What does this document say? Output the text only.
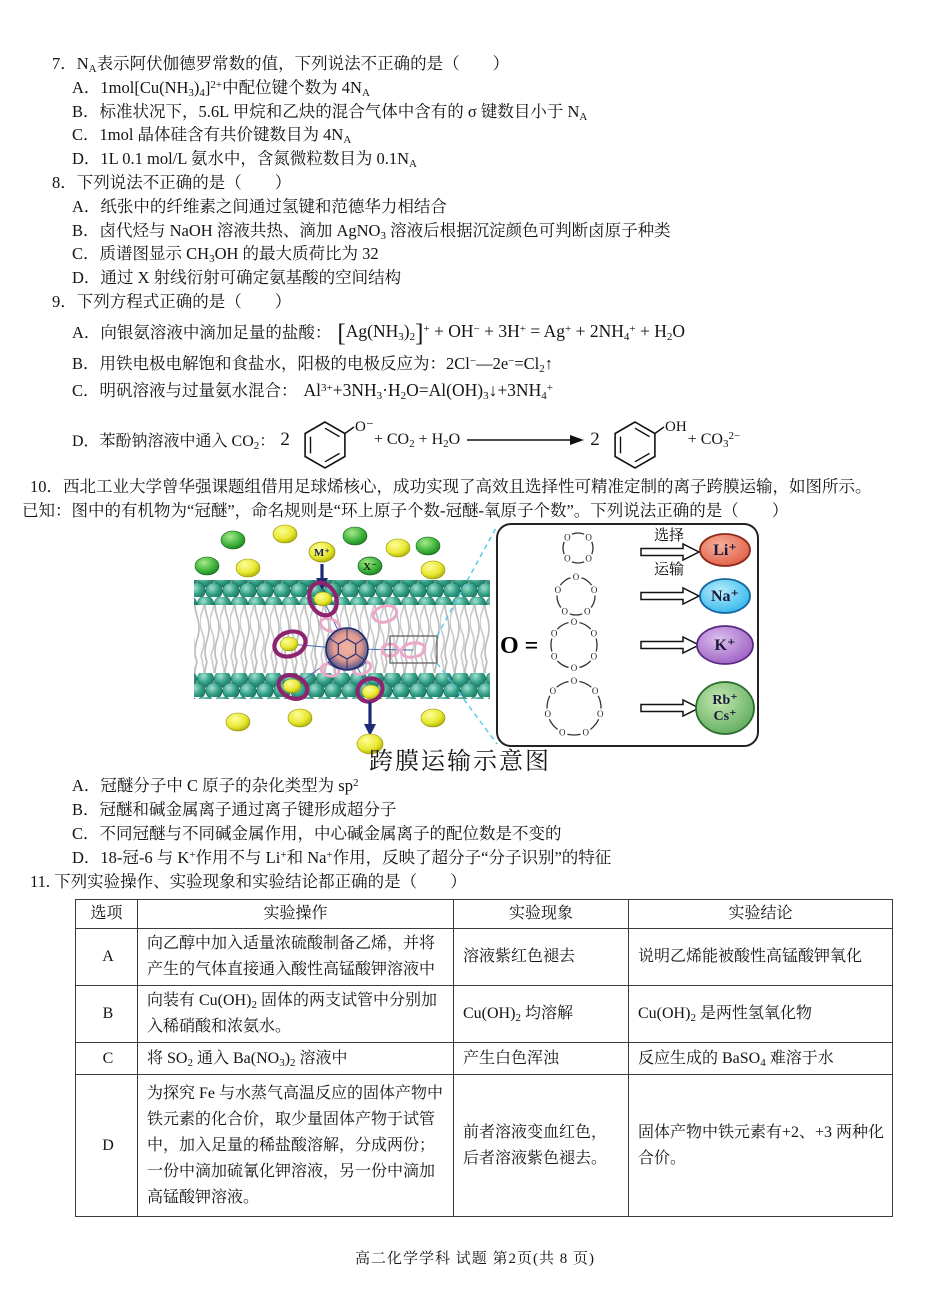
7．$N_A$表示阿伏伽德罗常数的值，下列说法不正确的是（　　）
A．$1mol[Cu(NH_3)_4]^{2+}$中配位键个数为 $4N_A$
B．标准状况下，5.6L 甲烷和乙炔的混合气体中含有的 σ 键数目小于 $N_A$
C．1mol 晶体硅含有共价键数目为 $4N_A$
D．1L 0.1 mol/L 氨水中，含氮微粒数目为 $0.1N_A$
8．下列说法不正确的是（　　）
A．纸张中的纤维素之间通过氢键和范德华力相结合
B．卤代烃与 NaOH 溶液共热、滴加 AgNO$_3$ 溶液后根据沉淀颜色可判断卤原子种类
C．质谱图显示 $CH_3OH$ 的最大质荷比为 32
D．通过 X 射线衍射可确定氨基酸的空间结构
9．下列方程式正确的是（　　）
A．向银氨溶液中滴加足量的盐酸： $[Ag(NH_3)_2]^+ + OH^- + 3H^+ = Ag^+ + 2NH_4^+ + H_2O$
B．用铁电极电解饱和食盐水，阳极的电极反应为：$2Cl^-—2e^-=Cl_2↑$
C．明矾溶液与过量氨水混合： $Al^{3+}+3NH_3\cdot H_2O=Al(OH)_3↓+3NH_4^+$
D．苯酚钠溶液中通入 $CO_2$： 2
O⁻
+ $CO_2 + H_2O$	2
OH
+ $CO_3^{2-}$
10．西北工业大学曾华强课题组借用足球烯核心，成功实现了高效且选择性可精准定制的离子跨膜运输，如图所示。
已知：图中的有机物为“冠醚”，命名规则是“环上原子个数-冠醚-氧原子个数”。下列说法正确的是（　　）
M⁺
X⁻
O =
O
O
O O
O
O
O O
O
O
O
O
O
O
O
O
O
O
O O
O
O
选择
运输
Li⁺
Na⁺
K⁺
Rb⁺
Cs⁺
跨膜运输示意图
A．冠醚分子中 C 原子的杂化类型为 $sp^2$
B．冠醚和碱金属离子通过离子键形成超分子
C．不同冠醚与不同碱金属作用，中心碱金属离子的配位数是不变的
D．18-冠-6 与 K+作用不与 Li+和 Na+作用，反映了超分子“分子识别”的特征
11. 下列实验操作、实验现象和实验结论都正确的是（　　）
选项	实验操作	实验现象	实验结论
A	向乙醇中加入适量浓硫酸制备乙烯，并将产生的气体直接通入酸性高锰酸钾溶液中	溶液紫红色褪去	说明乙烯能被酸性高锰酸钾氧化
B	向装有 $Cu(OH)_2$ 固体的两支试管中分别加入稀硝酸和浓氨水。	$Cu(OH)_2$ 均溶解	$Cu(OH)_2$ 是两性氢氧化物
C	将 $SO_2$ 通入 $Ba(NO_3)_2$ 溶液中	产生白色浑浊	反应生成的 BaSO$_4$ 难溶于水
D	为探究 Fe 与水蒸气高温反应的固体产物中铁元素的化合价，取少量固体产物于试管中，加入足量的稀盐酸溶解，分成两份；一份中滴加硫氰化钾溶液，另一份中滴加高锰酸钾溶液。	前者溶液变血红色，后者溶液紫色褪去。	固体产物中铁元素有+2、+3 两种化合价。
高二化学学科 试题 第2页(共 8 页)
